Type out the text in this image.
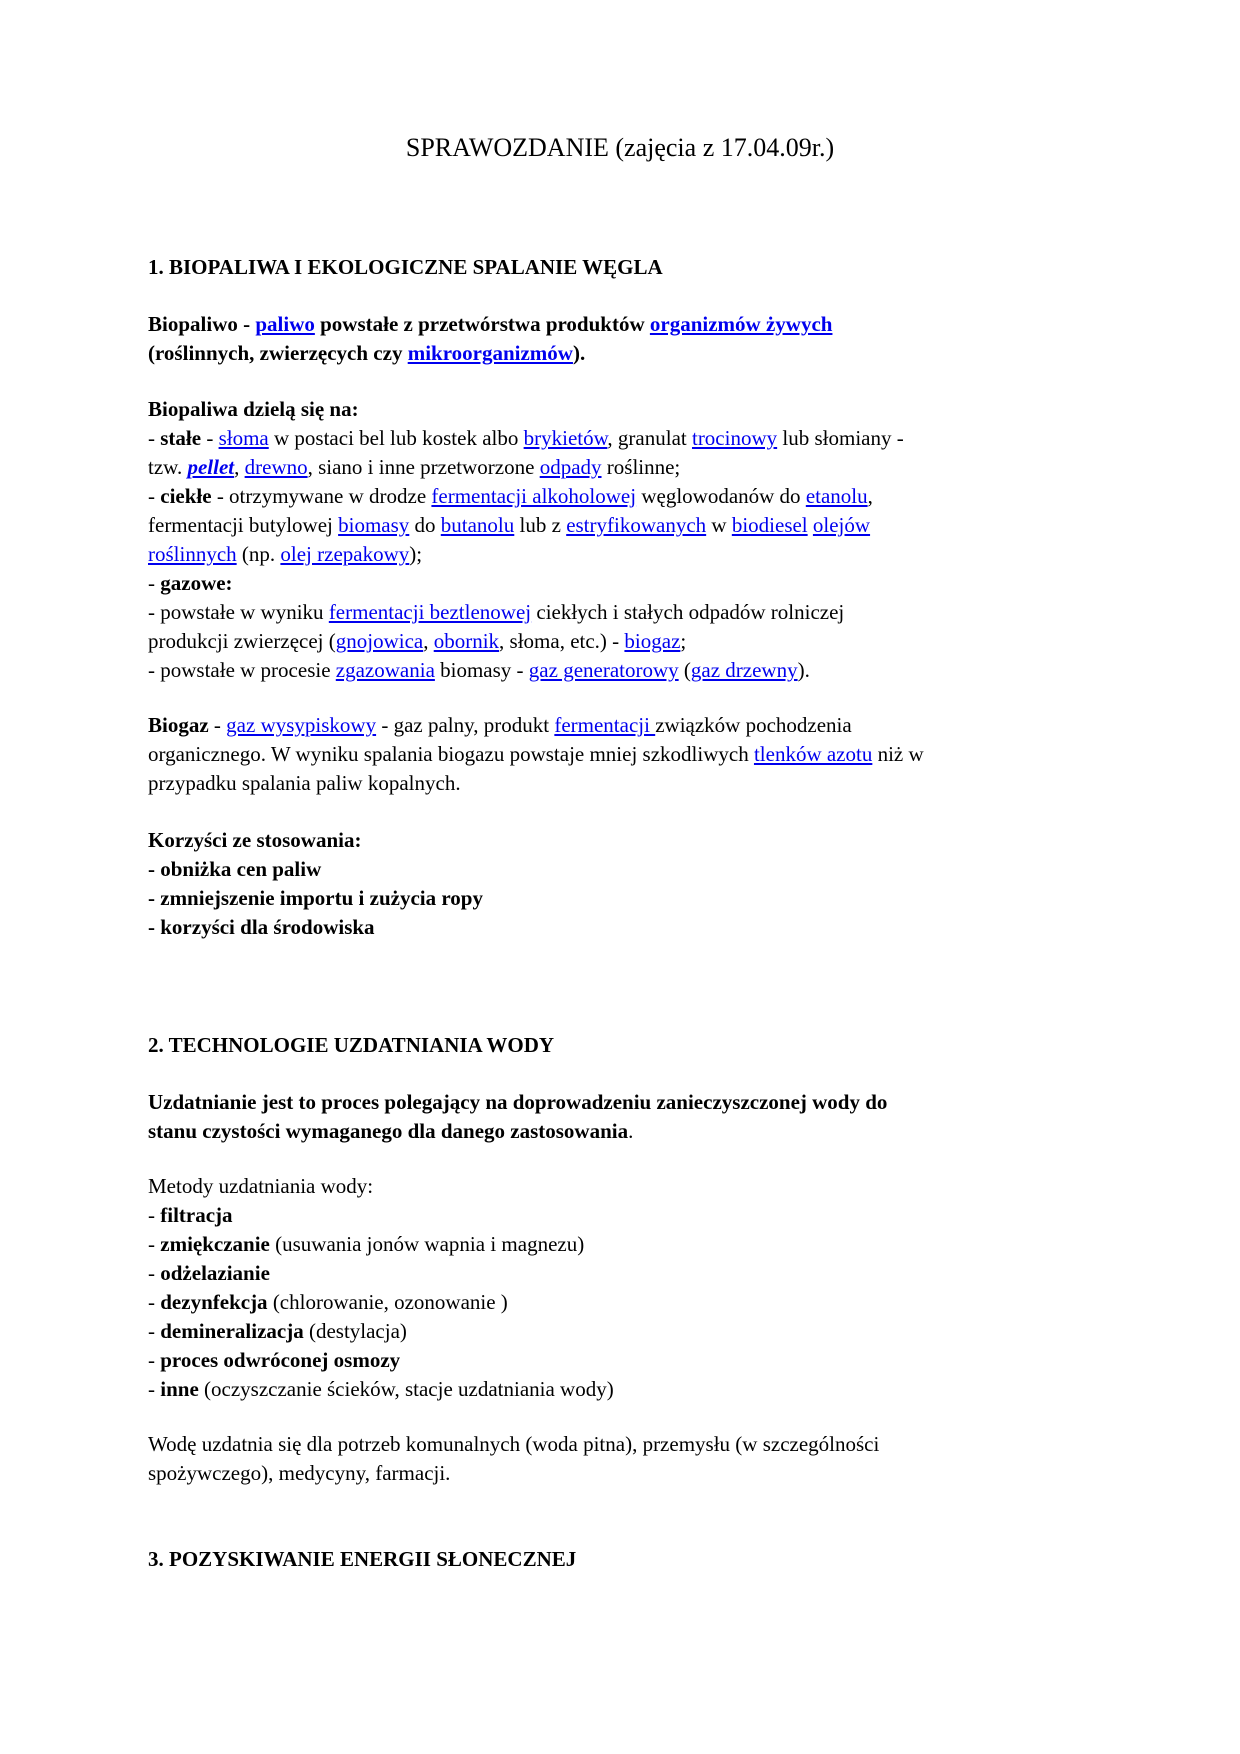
SPRAWOZDANIE (zajęcia z 17.04.09r.)
1. BIOPALIWA I EKOLOGICZNE SPALANIE WĘGLA

Biopaliwo - paliwo powstałe z przetwórstwa produktów organizmów żywych

(roślinnych, zwierzęcych czy mikroorganizmów).

Biopaliwa dzielą się na:

- stałe - słoma w postaci bel lub kostek albo brykietów, granulat trocinowy lub słomiany -

tzw. pellet, drewno, siano i inne przetworzone odpady roślinne;

- ciekłe - otrzymywane w drodze fermentacji alkoholowej węglowodanów do etanolu,

fermentacji butylowej biomasy do butanolu lub z estryfikowanych w biodiesel olejów

roślinnych (np. olej rzepakowy);

- gazowe:

- powstałe w wyniku fermentacji beztlenowej ciekłych i stałych odpadów rolniczej

produkcji zwierzęcej (gnojowica, obornik, słoma, etc.) - biogaz;

- powstałe w procesie zgazowania biomasy - gaz generatorowy (gaz drzewny).

Biogaz - gaz wysypiskowy - gaz palny, produkt fermentacji związków pochodzenia

organicznego. W wyniku spalania biogazu powstaje mniej szkodliwych tlenków azotu niż w

przypadku spalania paliw kopalnych.

Korzyści ze stosowania:

- obniżka cen paliw

- zmniejszenie importu i zużycia ropy

- korzyści dla środowiska

2. TECHNOLOGIE UZDATNIANIA WODY

Uzdatnianie jest to proces polegający na doprowadzeniu zanieczyszczonej wody do

stanu czystości wymaganego dla danego zastosowania.

Metody uzdatniania wody:

- filtracja

- zmiękczanie (usuwania jonów wapnia i magnezu)

- odżelazianie

- dezynfekcja (chlorowanie, ozonowanie )

- demineralizacja (destylacja)

- proces odwróconej osmozy

- inne (oczyszczanie ścieków, stacje uzdatniania wody)

Wodę uzdatnia się dla potrzeb komunalnych (woda pitna), przemysłu (w szczególności

spożywczego), medycyny, farmacji.

3. POZYSKIWANIE ENERGII SŁONECZNEJ
